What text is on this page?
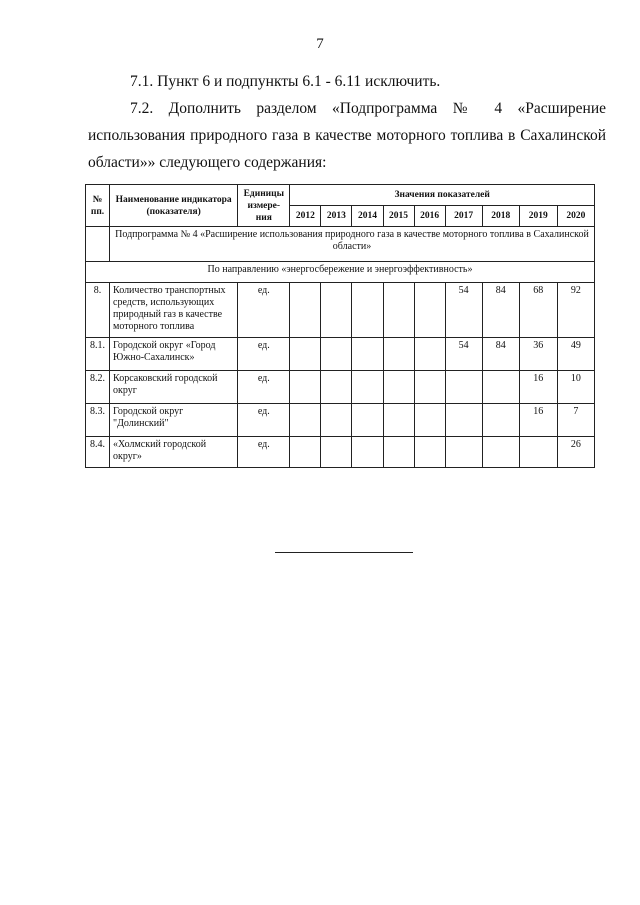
7
7.1. Пункт 6 и подпункты 6.1 - 6.11 исключить.
7.2. Дополнить разделом «Подпрограмма № 4 «Расширение использования природного газа в качестве моторного топлива в Сахалинской области»» следующего содержания:
№ пп.	Наименование индикатора (показателя)	Единицы измере-ния	Значения показателей								
			2012	2013	2014	2015	2016	2017	2018	2019	2020
	Подпрограмма № 4 «Расширение использования природного газа в качестве моторного топлива в Сахалинской области»										
По направлению «энергосбережение и энергоэффективность»											
8.	Количество транспортных средств, использующих природный газ в качестве моторного топлива	ед.						54	84	68	92
8.1.	Городской округ «Город Южно-Сахалинск»	ед.						54	84	36	49
8.2.	Корсаковский городской округ	ед.								16	10
8.3.	Городской округ "Долинский"	ед.								16	7
8.4.	«Холмский городской округ»	ед.									26
